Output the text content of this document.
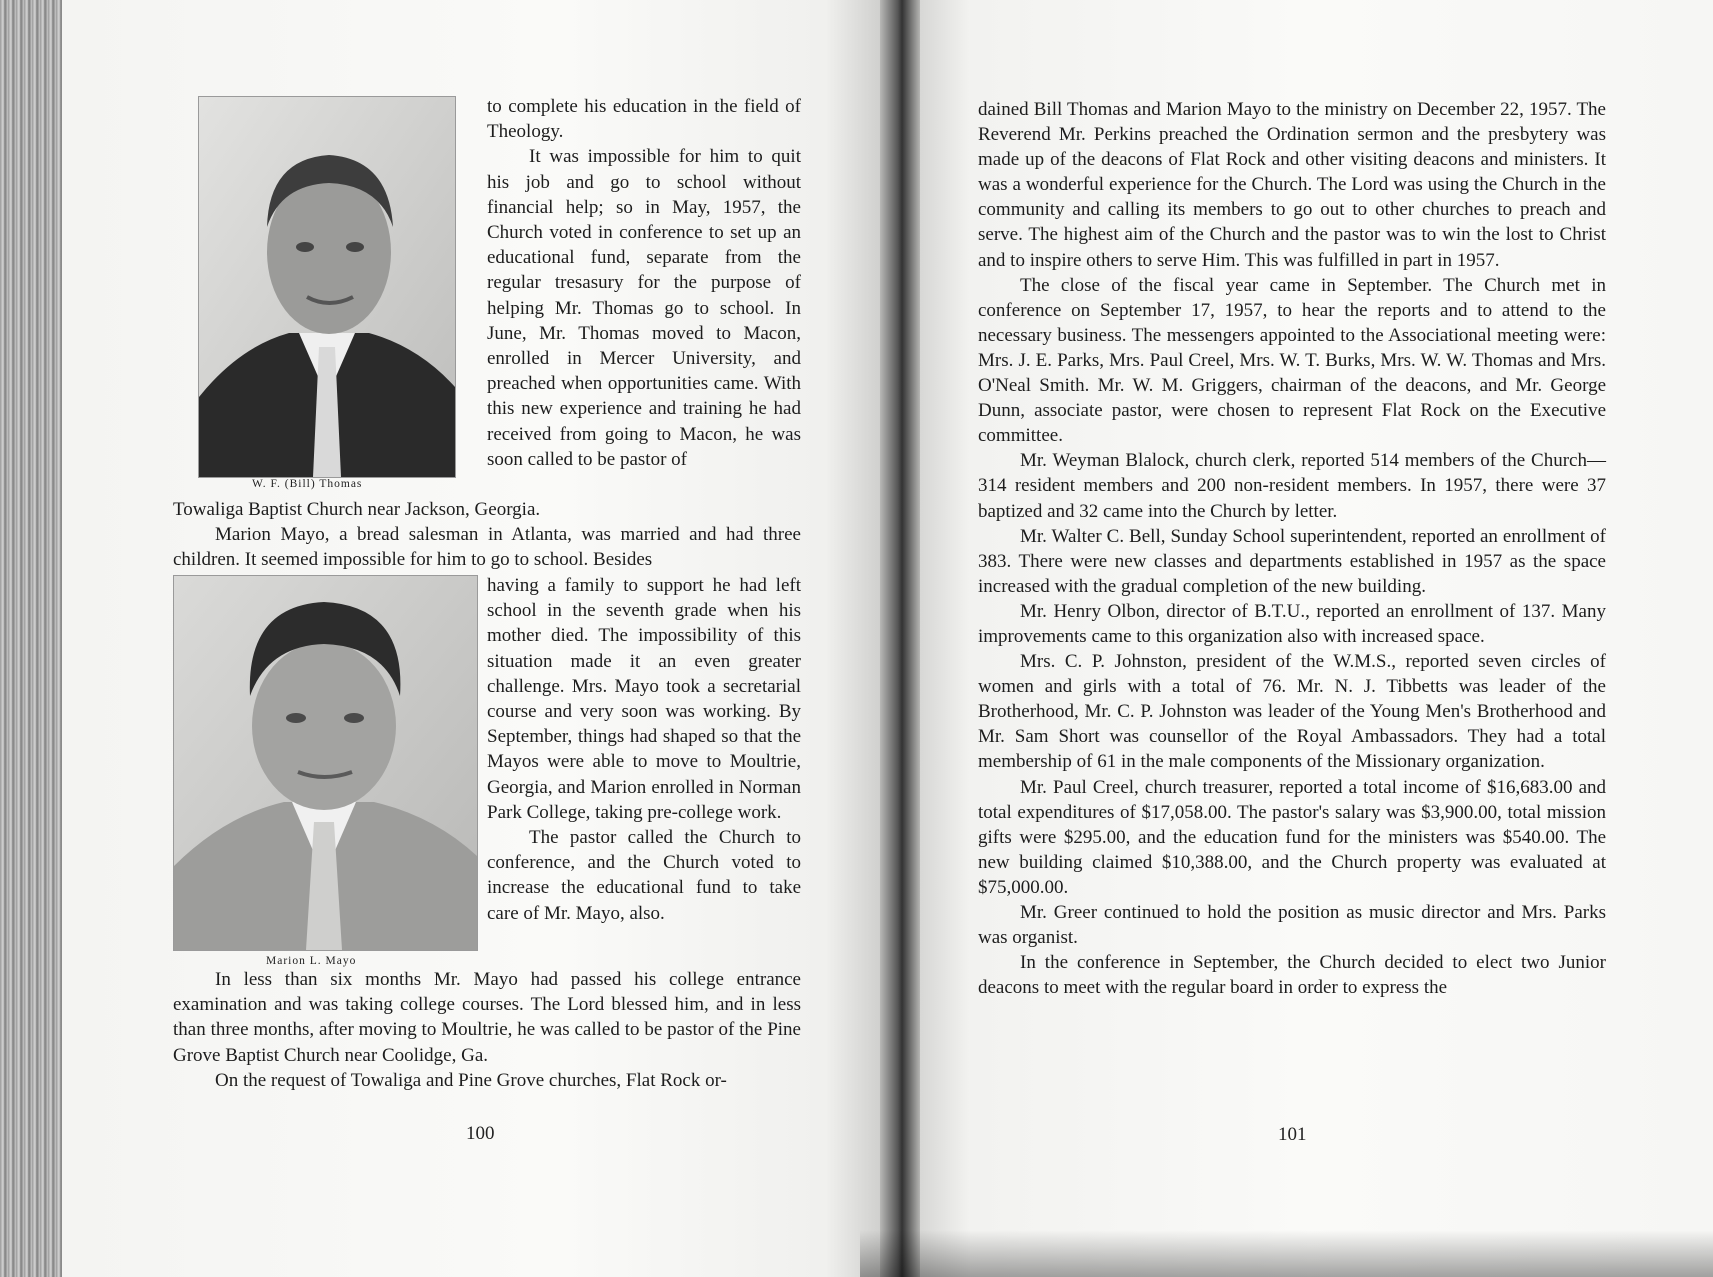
W. F. (Bill) Thomas

to complete his education in the field of Theology.

It was impossible for him to quit his job and go to school without financial help; so in May, 1957, the Church voted in conference to set up an educational fund, separate from the regular tresasury for the purpose of helping Mr. Thomas go to school. In June, Mr. Thomas moved to Macon, enrolled in Mercer University, and preached when opportunities came. With this new experience and training he had received from going to Macon, he was soon called to be pastor of

Towaliga Baptist Church near Jackson, Georgia.

Marion Mayo, a bread salesman in Atlanta, was married and had three children. It seemed impossible for him to go to school. Besides

Marion L. Mayo

having a family to support he had left school in the seventh grade when his mother died. The impossibility of this situation made it an even greater challenge. Mrs. Mayo took a secretarial course and very soon was working. By September, things had shaped so that the Mayos were able to move to Moultrie, Georgia, and Marion enrolled in Norman Park College, taking pre-college work.

The pastor called the Church to conference, and the Church voted to increase the educational fund to take care of Mr. Mayo, also.

In less than six months Mr. Mayo had passed his college entrance examination and was taking college courses. The Lord blessed him, and in less than three months, after moving to Moultrie, he was called to be pastor of the Pine Grove Baptist Church near Coolidge, Ga.

On the request of Towaliga and Pine Grove churches, Flat Rock or-

100

dained Bill Thomas and Marion Mayo to the ministry on December 22, 1957. The Reverend Mr. Perkins preached the Ordination sermon and the presbytery was made up of the deacons of Flat Rock and other visiting deacons and ministers. It was a wonderful experience for the Church. The Lord was using the Church in the community and calling its members to go out to other churches to preach and serve. The highest aim of the Church and the pastor was to win the lost to Christ and to inspire others to serve Him. This was fulfilled in part in 1957.

The close of the fiscal year came in September. The Church met in conference on September 17, 1957, to hear the reports and to attend to the necessary business. The messengers appointed to the Associational meeting were: Mrs. J. E. Parks, Mrs. Paul Creel, Mrs. W. T. Burks, Mrs. W. W. Thomas and Mrs. O'Neal Smith. Mr. W. M. Griggers, chairman of the deacons, and Mr. George Dunn, associate pastor, were chosen to represent Flat Rock on the Executive committee.

Mr. Weyman Blalock, church clerk, reported 514 members of the Church—314 resident members and 200 non-resident members. In 1957, there were 37 baptized and 32 came into the Church by letter.

Mr. Walter C. Bell, Sunday School superintendent, reported an enrollment of 383. There were new classes and departments established in 1957 as the space increased with the gradual completion of the new building.

Mr. Henry Olbon, director of B.T.U., reported an enrollment of 137. Many improvements came to this organization also with increased space.

Mrs. C. P. Johnston, president of the W.M.S., reported seven circles of women and girls with a total of 76. Mr. N. J. Tibbetts was leader of the Brotherhood, Mr. C. P. Johnston was leader of the Young Men's Brotherhood and Mr. Sam Short was counsellor of the Royal Ambassadors. They had a total membership of 61 in the male components of the Missionary organization.

Mr. Paul Creel, church treasurer, reported a total income of $16,683.00 and total expenditures of $17,058.00. The pastor's salary was $3,900.00, total mission gifts were $295.00, and the education fund for the ministers was $540.00. The new building claimed $10,388.00, and the Church property was evaluated at $75,000.00.

Mr. Greer continued to hold the position as music director and Mrs. Parks was organist.

In the conference in September, the Church decided to elect two Junior deacons to meet with the regular board in order to express the

101
